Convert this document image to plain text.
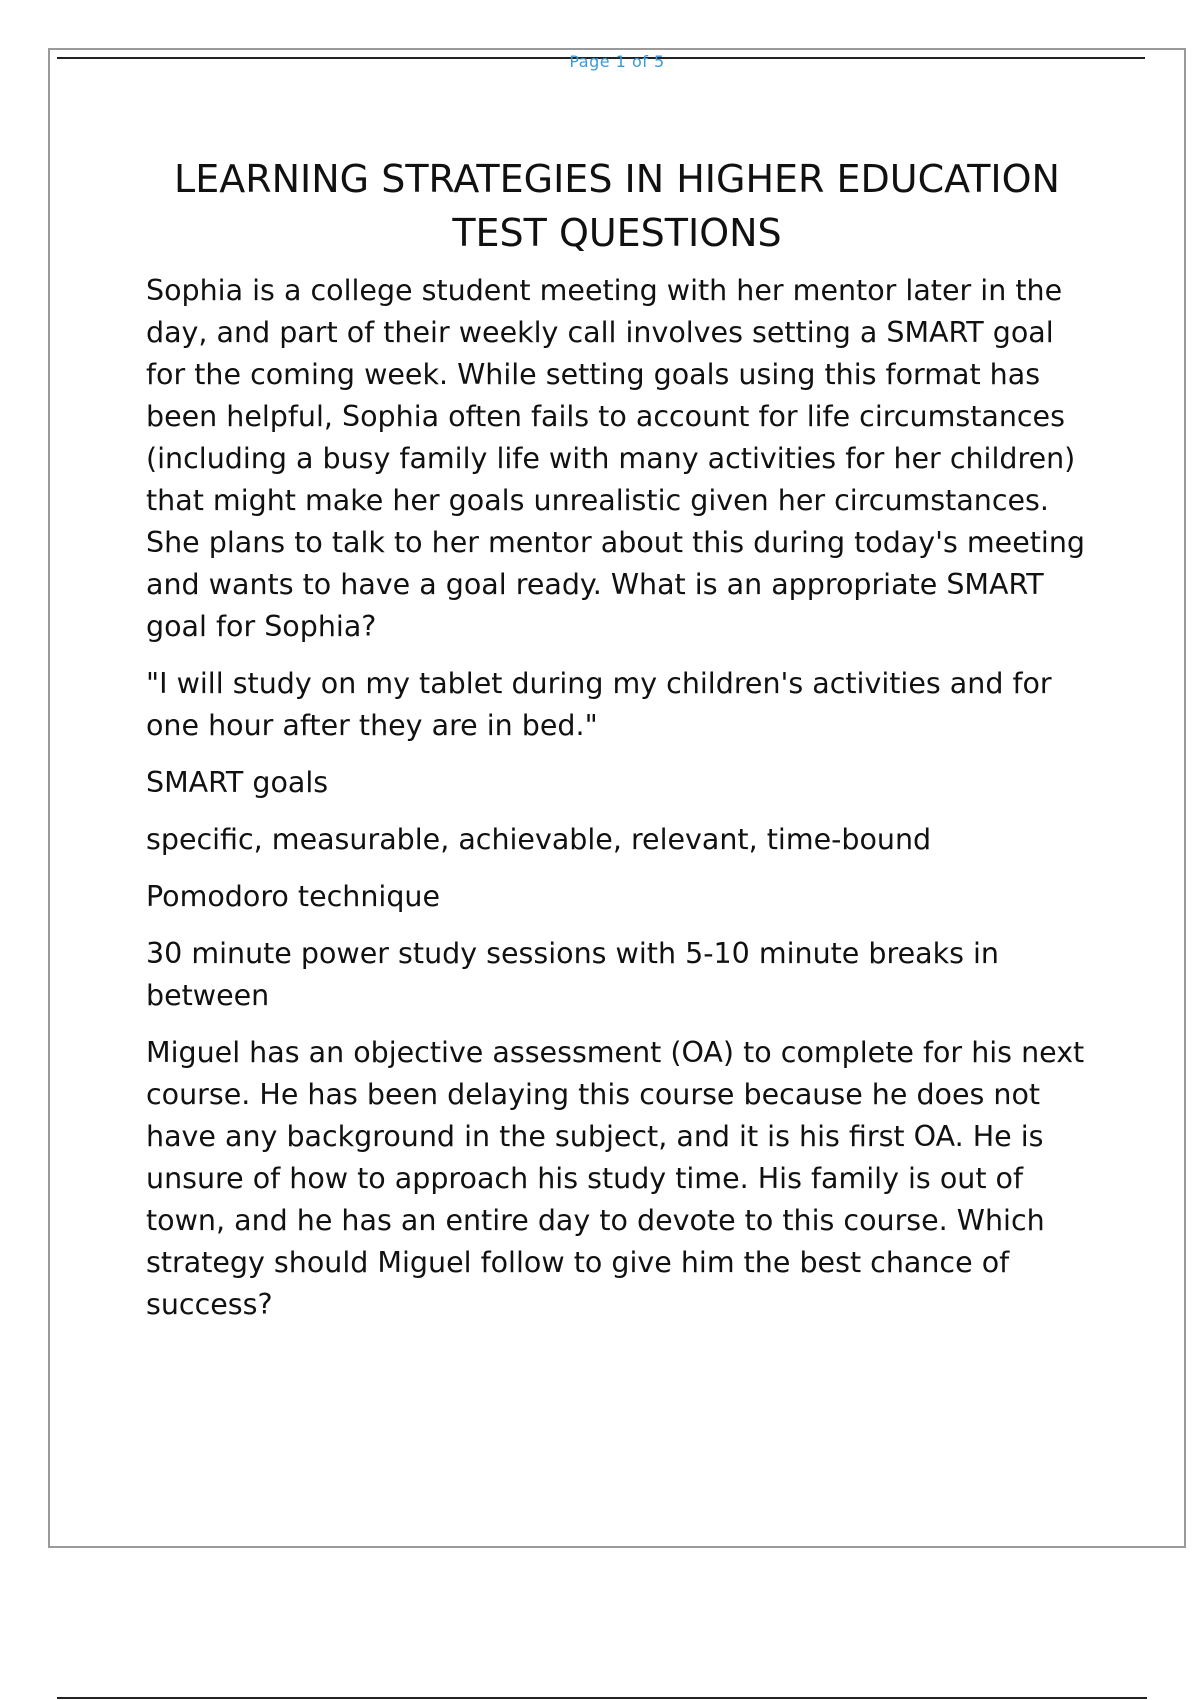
Page 1 of 5
LEARNING STRATEGIES IN HIGHER EDUCATION
TEST QUESTIONS

Sophia is a college student meeting with her mentor later in the day, and part of their weekly call involves setting a SMART goal for the coming week. While setting goals using this format has been helpful, Sophia often fails to account for life circumstances (including a busy family life with many activities for her children) that might make her goals unrealistic given her circumstances. She plans to talk to her mentor about this during today's meeting and wants to have a goal ready. What is an appropriate SMART goal for Sophia?

"I will study on my tablet during my children's activities and for one hour after they are in bed."

SMART goals

specific, measurable, achievable, relevant, time-bound

Pomodoro technique

30 minute power study sessions with 5-10 minute breaks in between

Miguel has an objective assessment (OA) to complete for his next course. He has been delaying this course because he does not have any background in the subject, and it is his first OA. He is unsure of how to approach his study time. His family is out of town, and he has an entire day to devote to this course. Which strategy should Miguel follow to give him the best chance of success?
